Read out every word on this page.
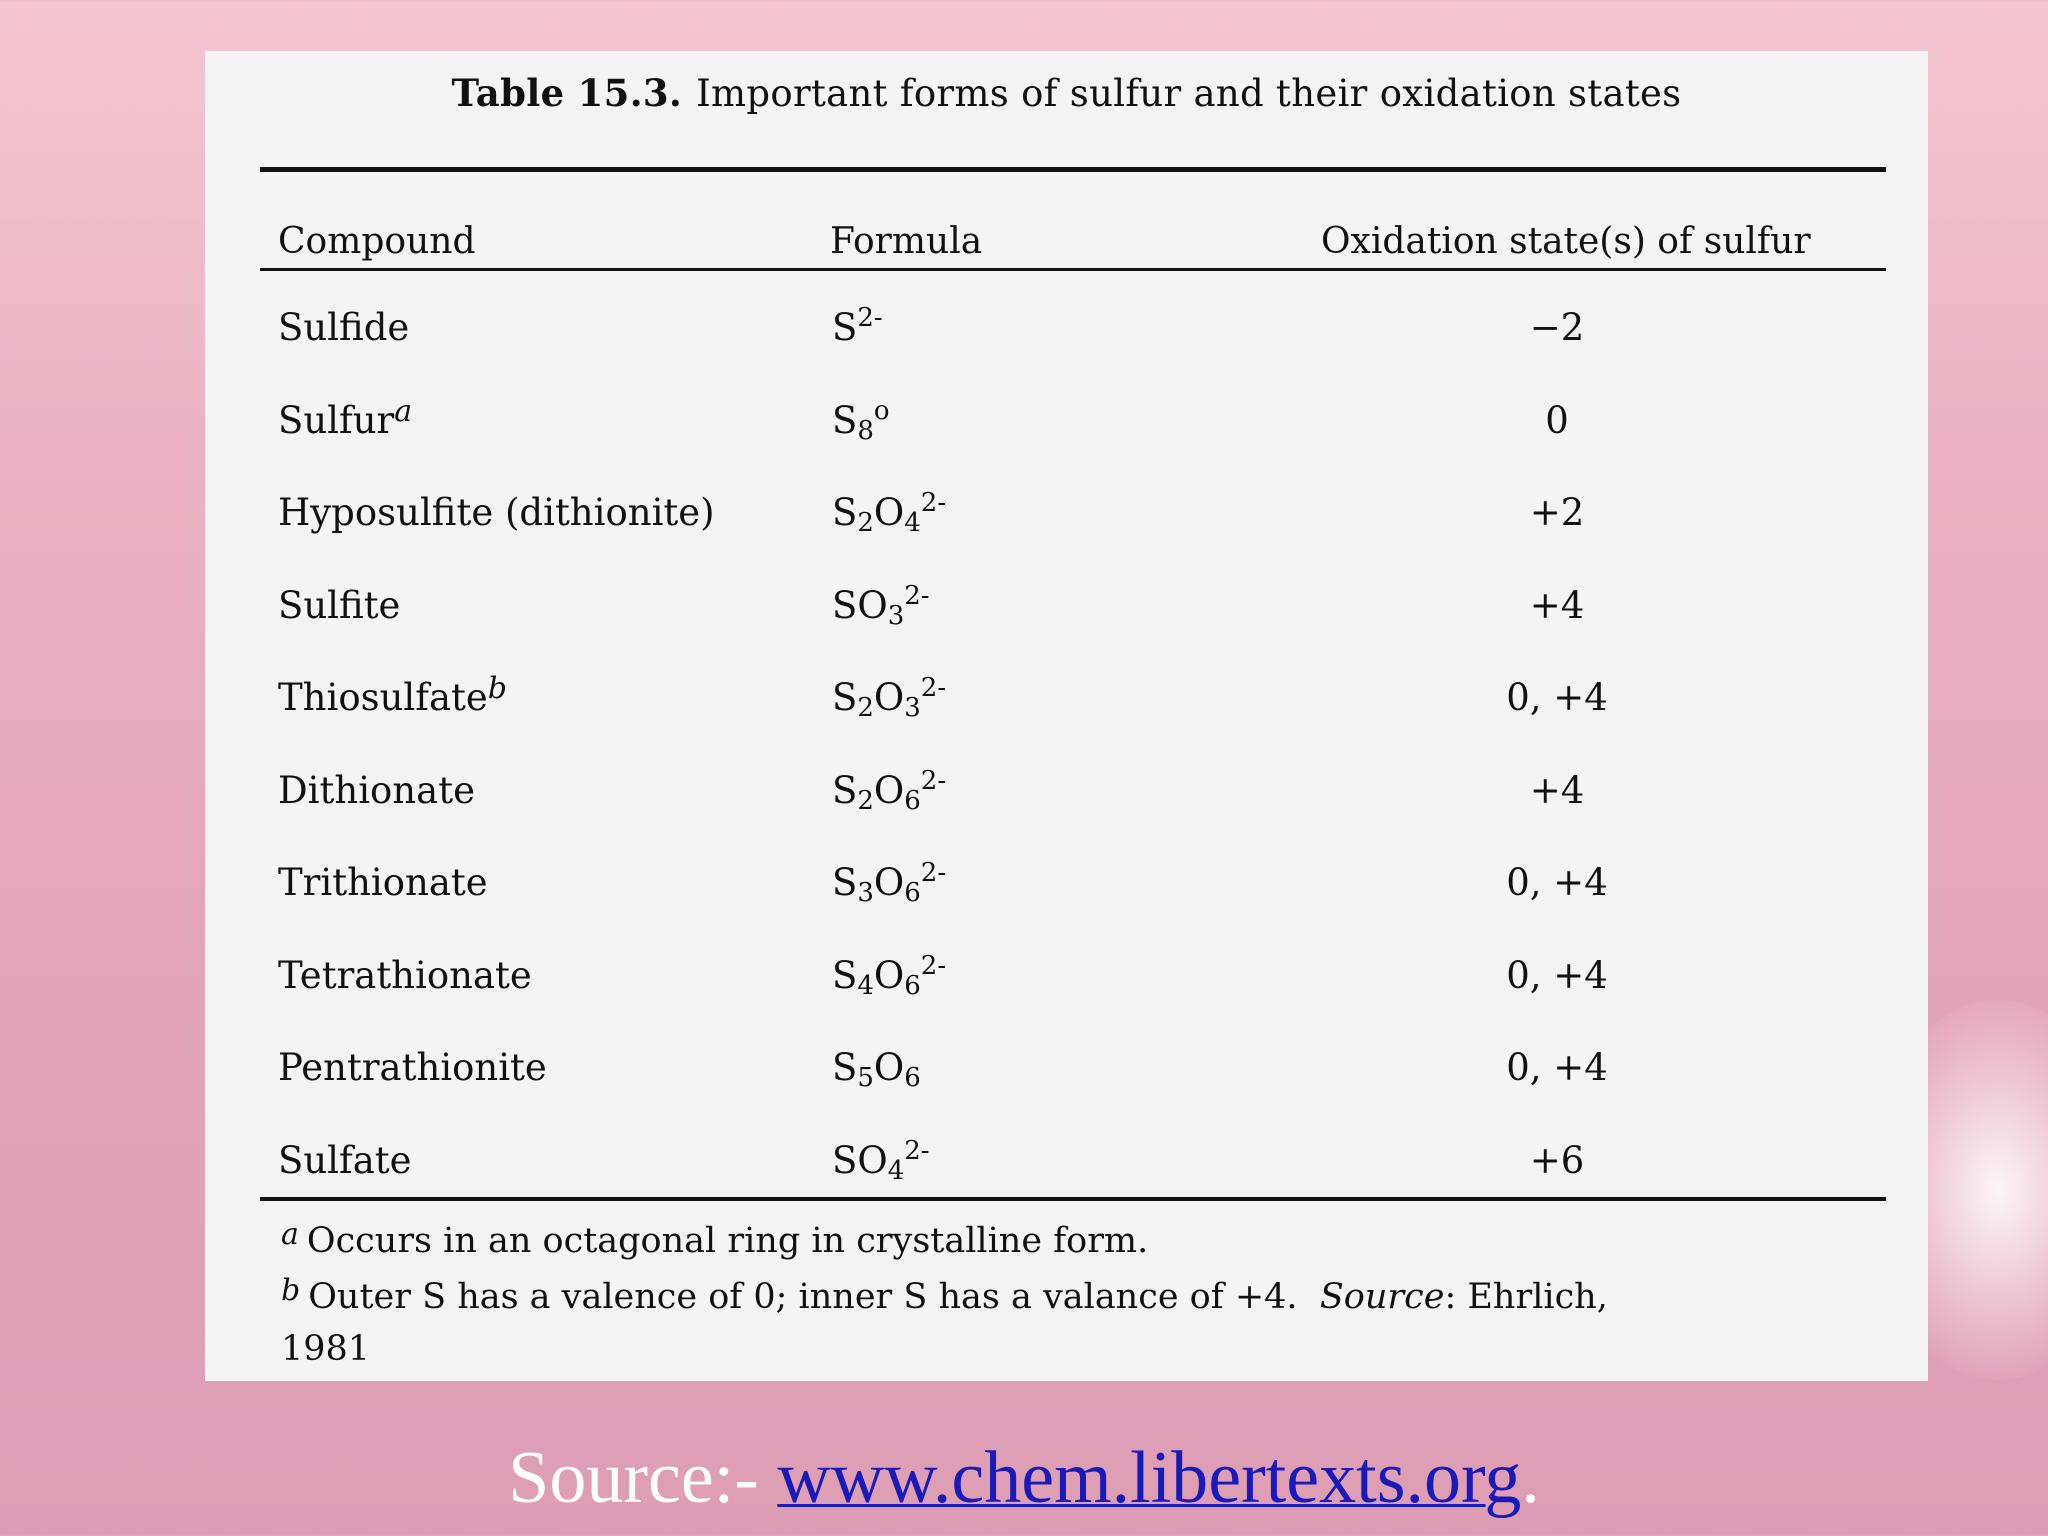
Table 15.3. Important forms of sulfur and their oxidation states
Compound	Formula	Oxidation state(s) of sulfur
Sulfide	$S^{2-}$	−2
Sulfur$^a$	$S_8^o$	0
Hyposulfite (dithionite)	$S_2O_4^{2-}$	+2
Sulfite	$SO_3^{2-}$	+4
Thiosulfate$^b$	$S_2O_3^{2-}$	0, +4
Dithionate	$S_2O_6^{2-}$	+4
Trithionate	$S_3O_6^{2-}$	0, +4
Tetrathionate	$S_4O_6^{2-}$	0, +4
Pentrathionite	$S_5O_6$	0, +4
Sulfate	$SO_4^{2-}$	+6
a Occurs in an octagonal ring in crystalline form.
b Outer S has a valence of 0; inner S has a valance of +4. Source: Ehrlich,
1981
Source:- www.chem.libertexts.org.
